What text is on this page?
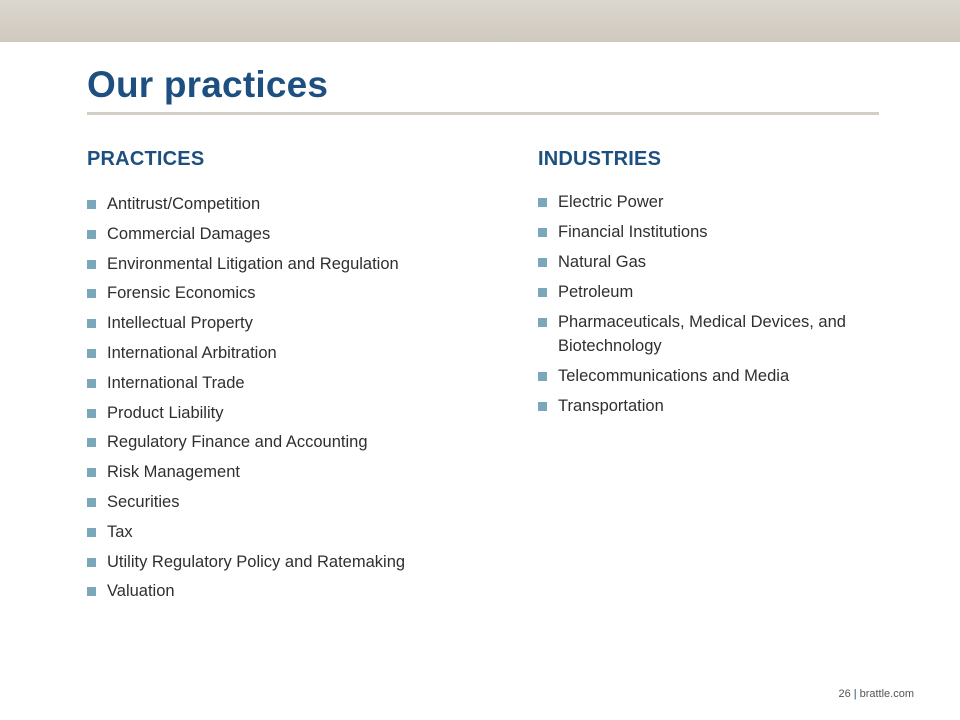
Our practices
PRACTICES
Antitrust/Competition
Commercial Damages
Environmental Litigation and Regulation
Forensic Economics
Intellectual Property
International Arbitration
International Trade
Product Liability
Regulatory Finance and Accounting
Risk Management
Securities
Tax
Utility Regulatory Policy and Ratemaking
Valuation
INDUSTRIES
Electric Power
Financial Institutions
Natural Gas
Petroleum
Pharmaceuticals, Medical Devices, and Biotechnology
Telecommunications and Media
Transportation
26 | brattle.com
